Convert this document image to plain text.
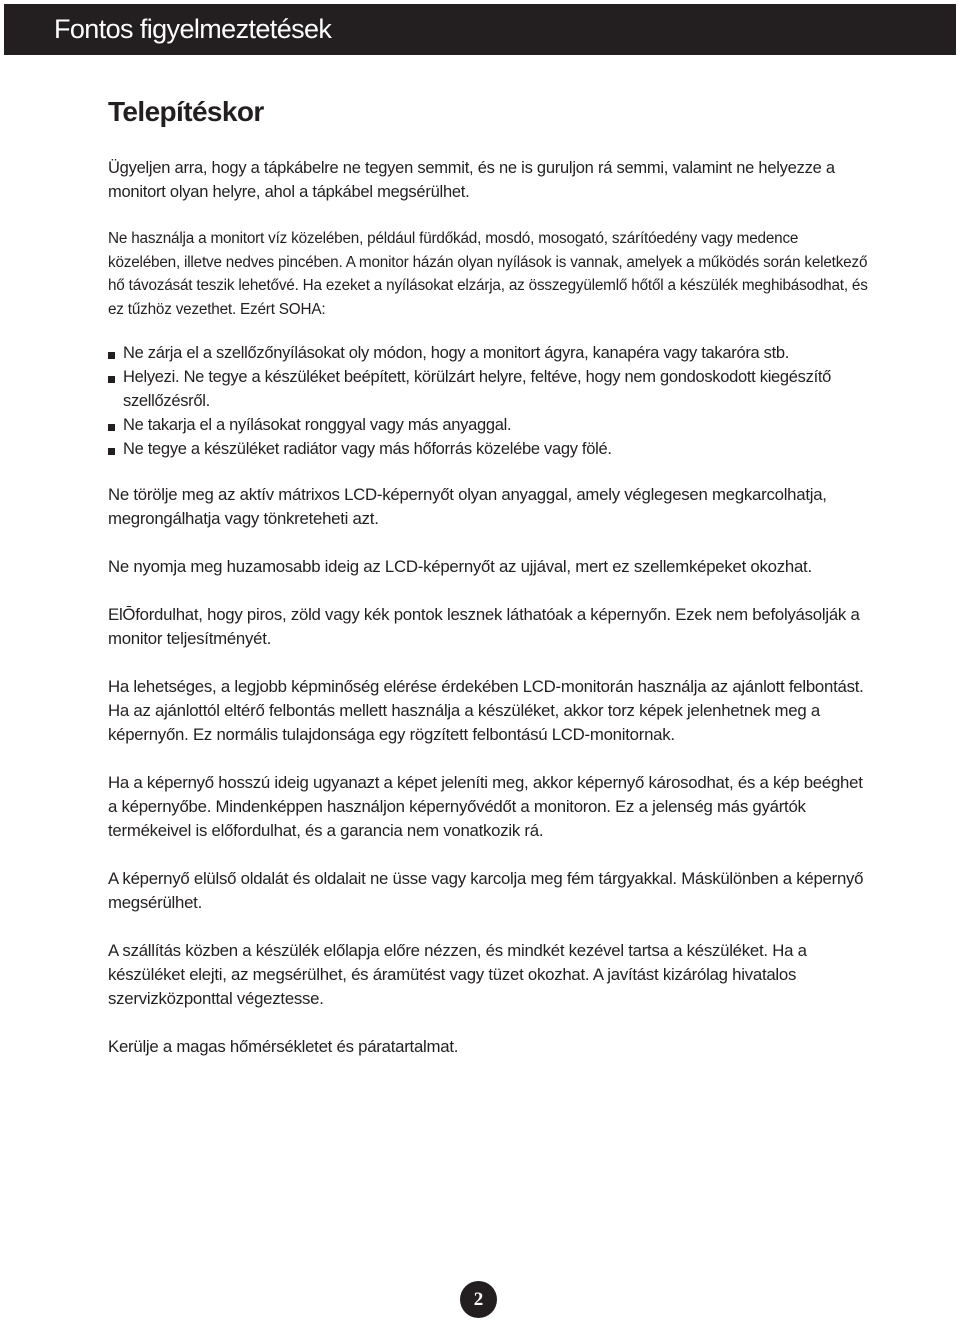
Fontos figyelmeztetések
Telepítéskor

Ügyeljen arra, hogy a tápkábelre ne tegyen semmit, és ne is guruljon rá semmi, valamint ne helyezze a monitort olyan helyre, ahol a tápkábel megsérülhet.

Ne használja a monitort víz közelében, például fürdőkád, mosdó, mosogató, szárítóedény vagy medence közelében, illetve nedves pincében. A monitor házán olyan nyílások is vannak, amelyek a működés során keletkező hő távozását teszik lehetővé. Ha ezeket a nyílásokat elzárja, az összegyülemlő hőtől a készülék meghibásodhat, és ez tűzhöz vezethet. Ezért SOHA:

Ne zárja el a szellőzőnyílásokat oly módon, hogy a monitort ágyra, kanapéra vagy takaróra stb.
Helyezi. Ne tegye a készüléket beépített, körülzárt helyre, feltéve, hogy nem gondoskodott kiegészítő szellőzésről.
Ne takarja el a nyílásokat ronggyal vagy más anyaggal.
Ne tegye a készüléket radiátor vagy más hőforrás közelébe vagy fölé.

Ne törölje meg az aktív mátrixos LCD-képernyőt olyan anyaggal, amely véglegesen megkarcolhatja, megrongálhatja vagy tönkreteheti azt.

Ne nyomja meg huzamosabb ideig az LCD-képernyőt az ujjával, mert ez szellemképeket okozhat.

ElŌfordulhat, hogy piros, zöld vagy kék pontok lesznek láthatóak a képernyőn. Ezek nem befolyásolják a monitor teljesítményét.

Ha lehetséges, a legjobb képminőség elérése érdekében LCD-monitorán használja az ajánlott felbontást. Ha az ajánlottól eltérő felbontás mellett használja a készüléket, akkor torz képek jelenhetnek meg a képernyőn. Ez normális tulajdonsága egy rögzített felbontású LCD-monitornak.

Ha a képernyő hosszú ideig ugyanazt a képet jeleníti meg, akkor képernyő károsodhat, és a kép beéghet a képernyőbe. Mindenképpen használjon képernyővédőt a monitoron. Ez a jelenség más gyártók termékeivel is előfordulhat, és a garancia nem vonatkozik rá.

A képernyő elülső oldalát és oldalait ne üsse vagy karcolja meg fém tárgyakkal. Máskülönben a képernyő megsérülhet.

A szállítás közben a készülék előlapja előre nézzen, és mindkét kezével tartsa a készüléket. Ha a készüléket elejti, az megsérülhet, és áramütést vagy tüzet okozhat. A javítást kizárólag hivatalos szervizközponttal végeztesse.

Kerülje a magas hőmérsékletet és páratartalmat.

2
